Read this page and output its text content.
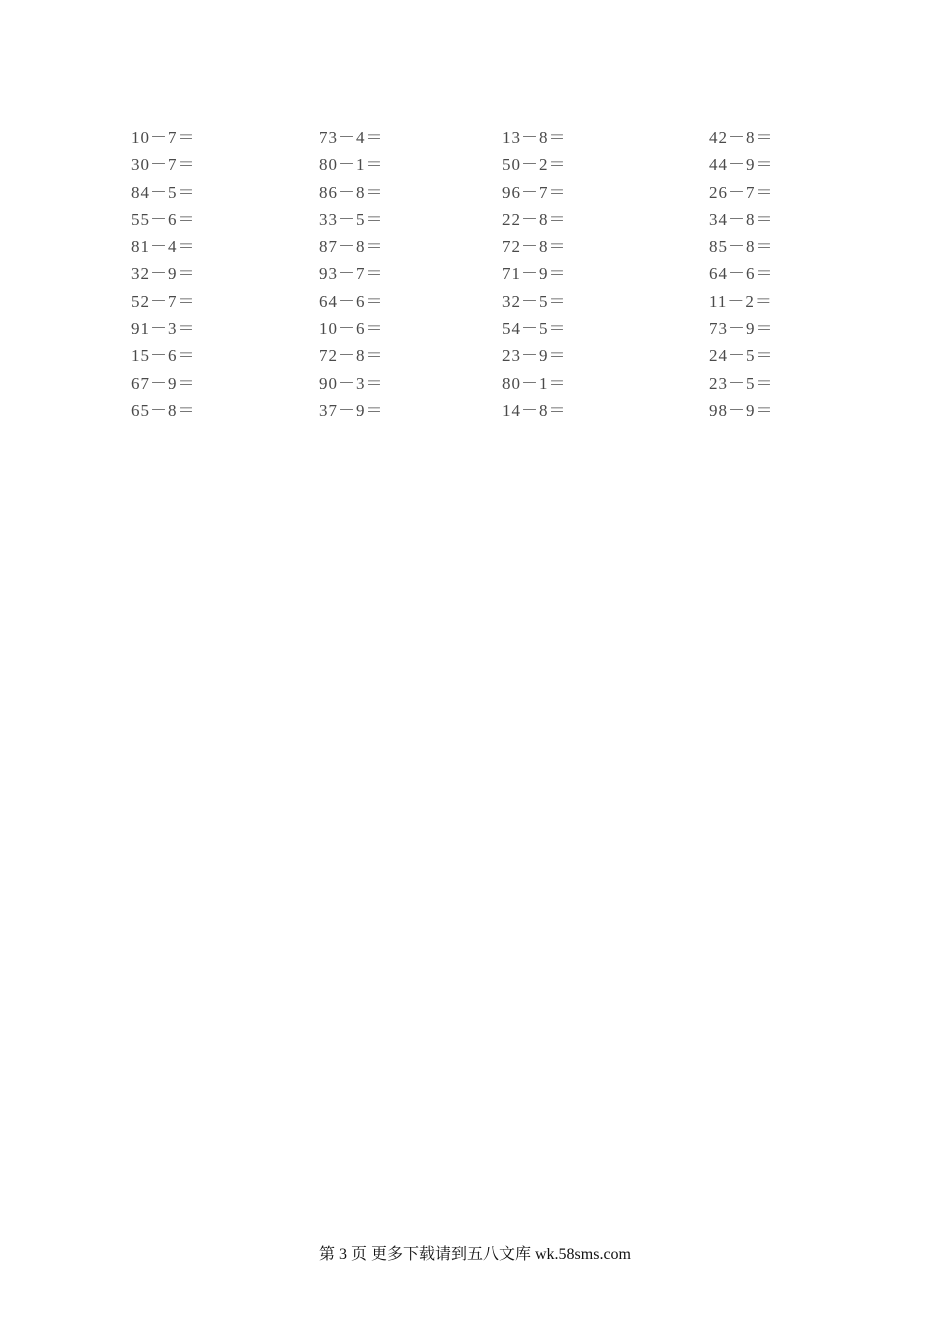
10－7＝	73－4＝	13－8＝	42－8＝
30－7＝	80－1＝	50－2＝	44－9＝
84－5＝	86－8＝	96－7＝	26－7＝
55－6＝	33－5＝	22－8＝	34－8＝
81－4＝	87－8＝	72－8＝	85－8＝
32－9＝	93－7＝	71－9＝	64－6＝
52－7＝	64－6＝	32－5＝	11－2＝
91－3＝	10－6＝	54－5＝	73－9＝
15－6＝	72－8＝	23－9＝	24－5＝
67－9＝	90－3＝	80－1＝	23－5＝
65－8＝	37－9＝	14－8＝	98－9＝
第 3 页 更多下载请到五八文库 wk.58sms.com
